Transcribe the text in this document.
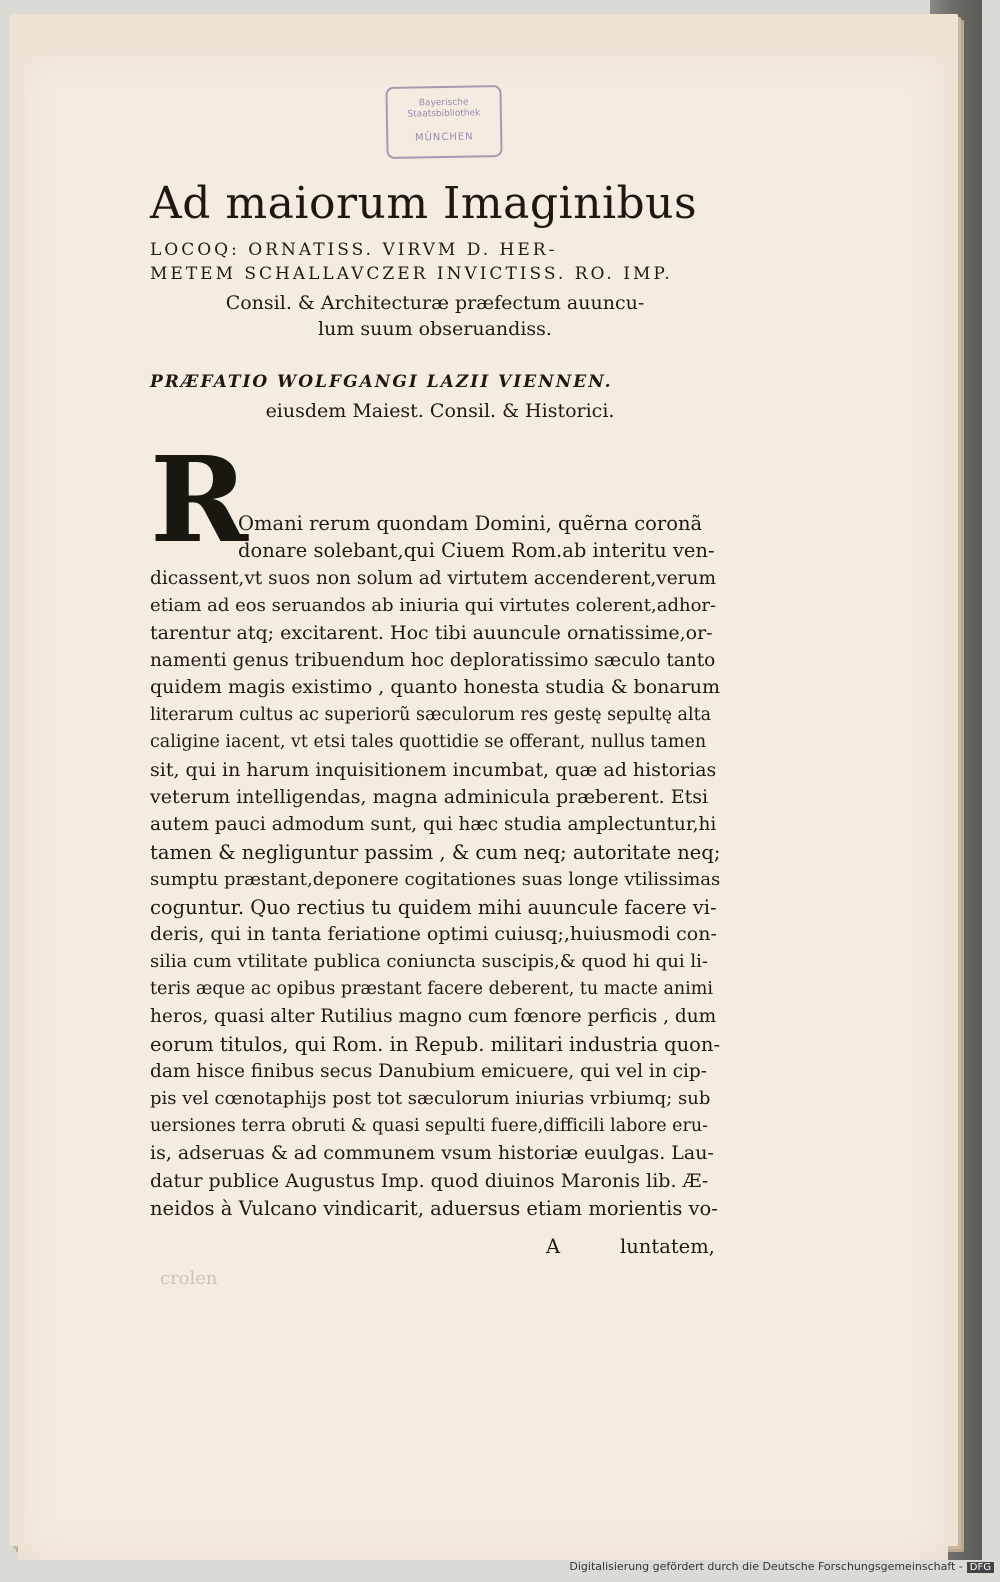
Bayerische
Staatsbibliothek
MÜNCHEN
Ad maiorum Imaginibus
LOCOQ: ORNATISS. VIRVM D. HER-
METEM SCHALLAVCZER INVICTISS. RO. IMP.
Consil. & Architecturæ præfectum auuncu-
lum suum obseruandiss.
PRÆFATIO WOLFGANGI LAZII VIENNEN.
eiusdem Maiest. Consil. & Historici.
R
Omani rerum quondam Domini, quẽrna coronã
donare solebant,qui Ciuem Rom.ab interitu ven-
dicassent,vt suos non solum ad virtutem accenderent,verum
etiam ad eos seruandos ab iniuria qui virtutes colerent,adhor-
tarentur atq; excitarent. Hoc tibi auuncule ornatissime,or-
namenti genus tribuendum hoc deploratissimo sæculo tanto
quidem magis existimo , quanto honesta studia & bonarum
literarum cultus ac superiorũ sæculorum res gestę sepultę alta
caligine iacent, vt etsi tales quottidie se offerant, nullus tamen
sit, qui in harum inquisitionem incumbat, quæ ad historias
veterum intelligendas, magna adminicula præberent. Etsi
autem pauci admodum sunt, qui hæc studia amplectuntur,hi
tamen & negliguntur passim , & cum neq; autoritate neq;
sumptu præstant,deponere cogitationes suas longe vtilissimas
coguntur. Quo rectius tu quidem mihi auuncule facere vi-
deris, qui in tanta feriatione optimi cuiusq;,huiusmodi con-
silia cum vtilitate publica coniuncta suscipis,& quod hi qui li-
teris æque ac opibus præstant facere deberent, tu macte animi
heros, quasi alter Rutilius magno cum fœnore perficis , dum
eorum titulos, qui Rom. in Repub. militari industria quon-
dam hisce finibus secus Danubium emicuere, qui vel in cip-
pis vel cœnotaphijs post tot sæculorum iniurias vrbiumq; sub
uersiones terra obruti & quasi sepulti fuere,difficili labore eru-
is, adseruas & ad communem vsum historiæ euulgas. Lau-
datur publice Augustus Imp. quod diuinos Maronis lib. Æ-
neidos à Vulcano vindicarit, aduersus etiam morientis vo-
A	luntatem,
crolen
Digitalisierung gefördert durch die Deutsche Forschungsgemeinschaft - DFG
